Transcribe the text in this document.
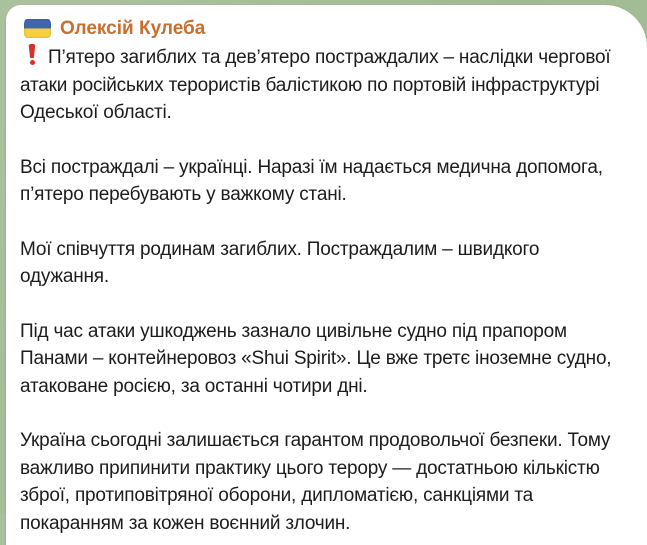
Олексій Кулеба

П’ятеро загиблих та дев’ятеро постраждалих – наслідки чергової атаки російських терористів балістикою по портовій інфраструктурі Одеської області.

Всі постраждалі – українці. Наразі їм надається медична допомога, п’ятеро перебувають у важкому стані.

Мої співчуття родинам загиблих. Постраждалим – швидкого одужання.

Під час атаки ушкоджень зазнало цивільне судно під прапором Панами – контейнеровоз «Shui Spirit». Це вже третє іноземне судно, атаковане росією, за останні чотири дні.

Україна сьогодні залишається гарантом продовольчої безпеки. Тому важливо припинити практику цього терору — достатньою кількістю зброї, протиповітряної оборони, дипломатією, санкціями та покаранням за кожен воєнний злочин.
